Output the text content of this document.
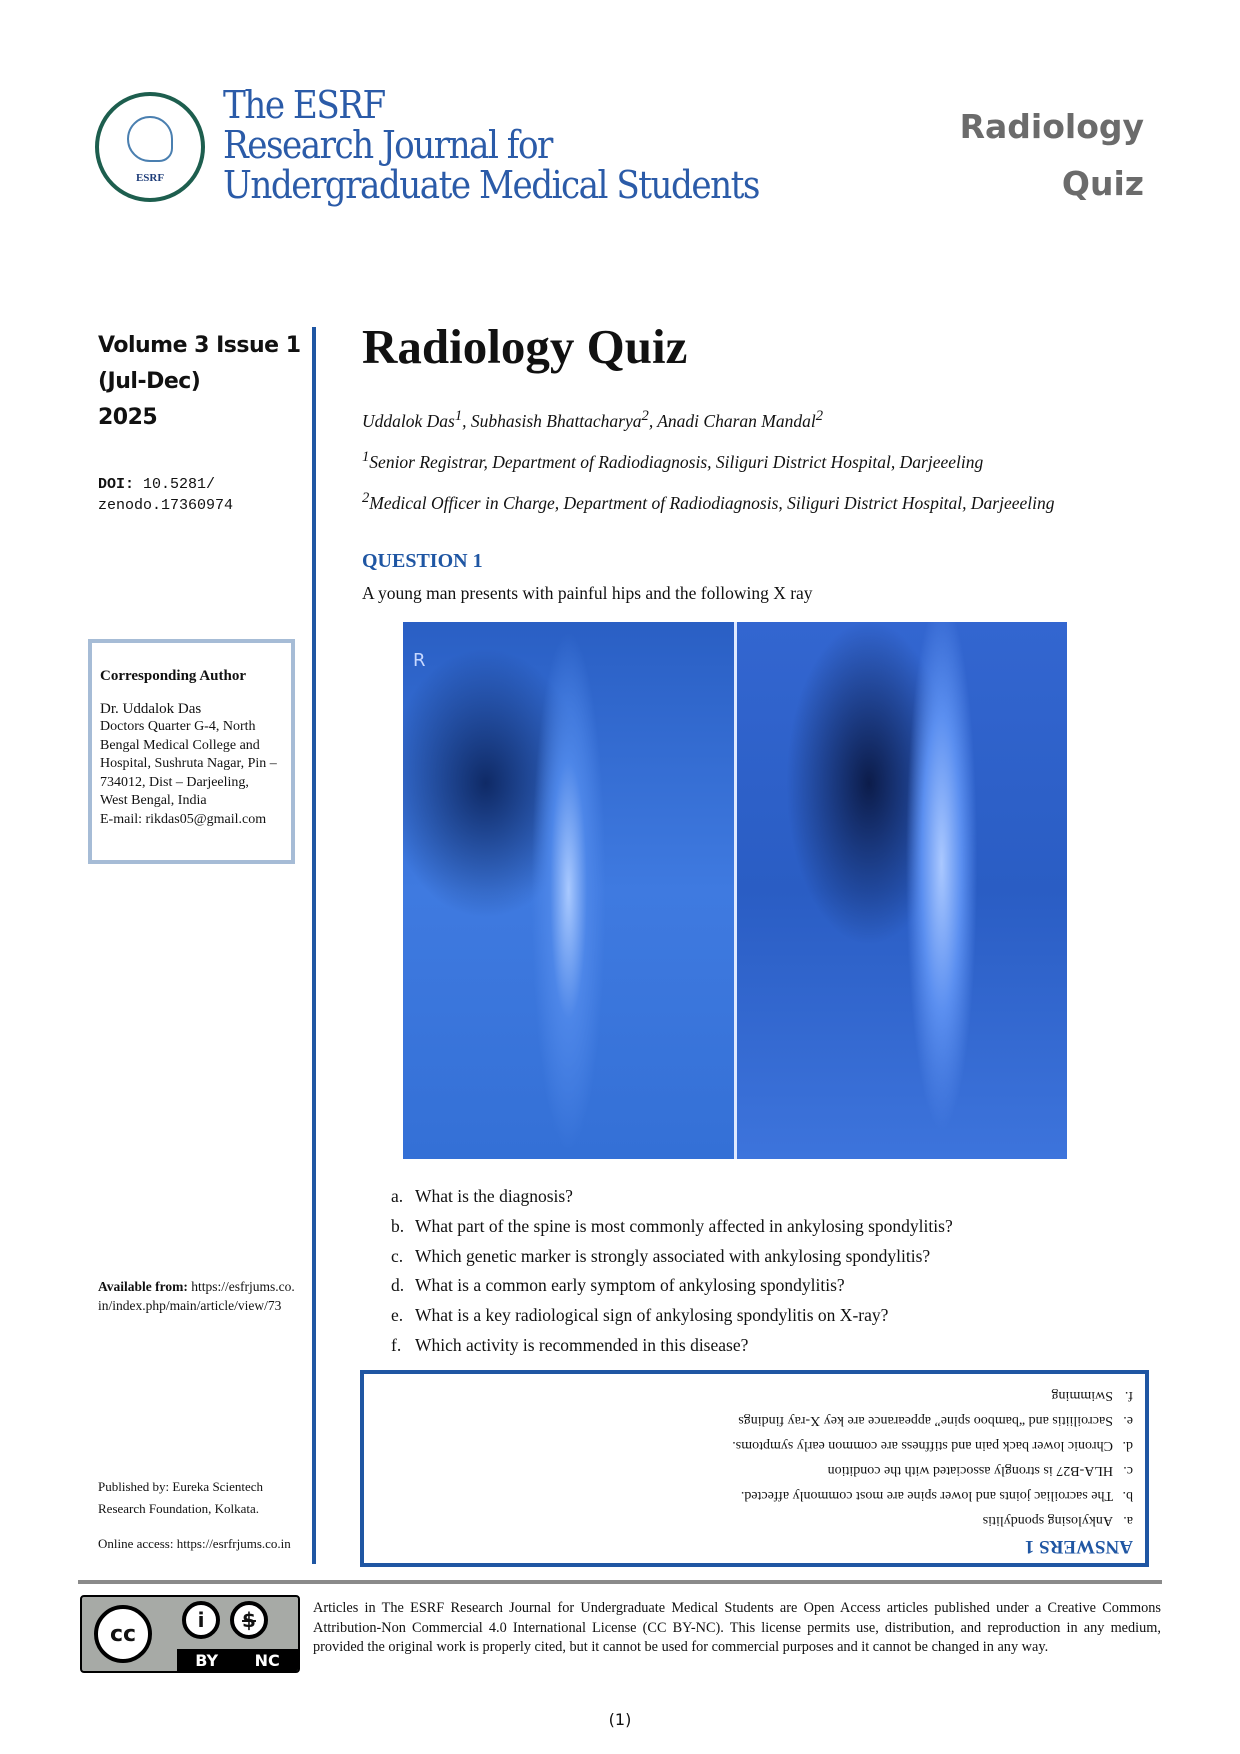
ESRF
The ESRF
Research Journal for
Undergraduate Medical Students
Radiology
Quiz
Volume 3 Issue 1
(Jul-Dec)
2025
DOI: 10.5281/
zenodo.17360974
Corresponding Author
Dr. Uddalok Das
Doctors Quarter G-4, North
Bengal Medical College and
Hospital, Sushruta Nagar, Pin –
734012, Dist – Darjeeling,
West Bengal, India
E-mail: rikdas05@gmail.com
Available from: https://esfrjums.co.in/index.php/main/article/view/73
Published by: Eureka Scientech Research Foundation, Kolkata.
Online access: https://esrfrjums.co.in
Radiology Quiz
Uddalok Das$^1$, Subhasish Bhattacharya$^2$, Anadi Charan Mandal$^2$
$^1$Senior Registrar, Department of Radiodiagnosis, Siliguri District Hospital, Darjeeeling
$^2$Medical Officer in Charge, Department of Radiodiagnosis, Siliguri District Hospital, Darjeeeling
QUESTION 1
A young man presents with painful hips and the following X ray
R
a. What is the diagnosis?
b. What part of the spine is most commonly affected in ankylosing spondylitis?
c. Which genetic marker is strongly associated with ankylosing spondylitis?
d. What is a common early symptom of ankylosing spondylitis?
e. What is a key radiological sign of ankylosing spondylitis on X-ray?
f. Which activity is recommended in this disease?
ANSWERS 1
a.
Ankylosing spondylitis
b.
The sacroiliac joints and lower spine are most commonly affected.
c.
HLA-B27 is strongly associated with the condition
d.
Chronic lower back pain and stiffness are common early symptoms.
e.
Sacroiliitis and “bamboo spine” appearance are key X-ray findings
f.
Swimming
cc
i	$
BY NC
Articles in The ESRF Research Journal for Undergraduate Medical Students are Open Access articles published under a Creative Commons Attribution-Non Commercial 4.0 International License (CC BY-NC). This license permits use, distribution, and reproduction in any medium, provided the original work is properly cited, but it cannot be used for commercial purposes and it cannot be changed in any way.
(1)
